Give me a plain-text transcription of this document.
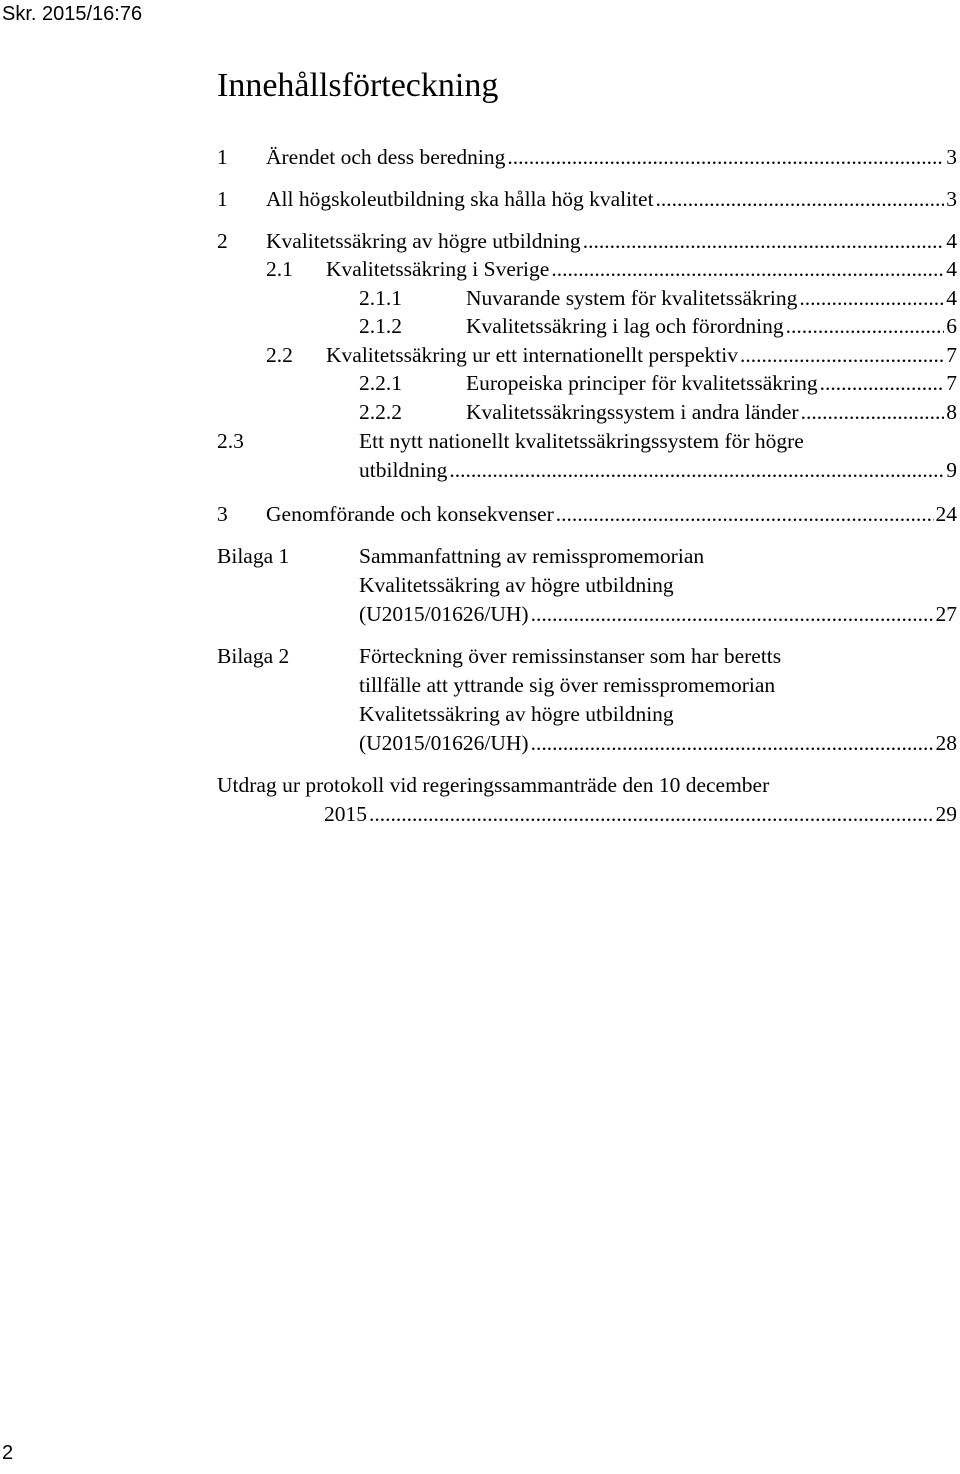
Skr. 2015/16:76
Innehållsförteckning
1 Ärendet och dess beredning .....	3
1 All högskoleutbildning ska hålla hög kvalitet .....	3
2 Kvalitetssäkring av högre utbildning .....	4
2.1 Kvalitetssäkring i Sverige .....	4
2.1.1	Nuvarande system för kvalitetssäkring .....	4
2.1.2	Kvalitetssäkring i lag och förordning .....	6
2.2 Kvalitetssäkring ur ett internationellt perspektiv .....	7
2.2.1	Europeiska principer för kvalitetssäkring .....	7
2.2.2	Kvalitetssäkringssystem i andra länder .....	8
2.3	Ett nytt nationellt kvalitetssäkringssystem för högre
utbildning .....	9
3 Genomförande och konsekvenser .....	24
Bilaga 1	Sammanfattning av remisspromemorian
Kvalitetssäkring av högre utbildning
(U2015/01626/UH) .....	27
Bilaga 2	Förteckning över remissinstanser som har beretts
tillfälle att yttrande sig över remisspromemorian
Kvalitetssäkring av högre utbildning
(U2015/01626/UH) .....	28
Utdrag ur protokoll vid regeringssammanträde den 10 december
2015 .....	29
2
